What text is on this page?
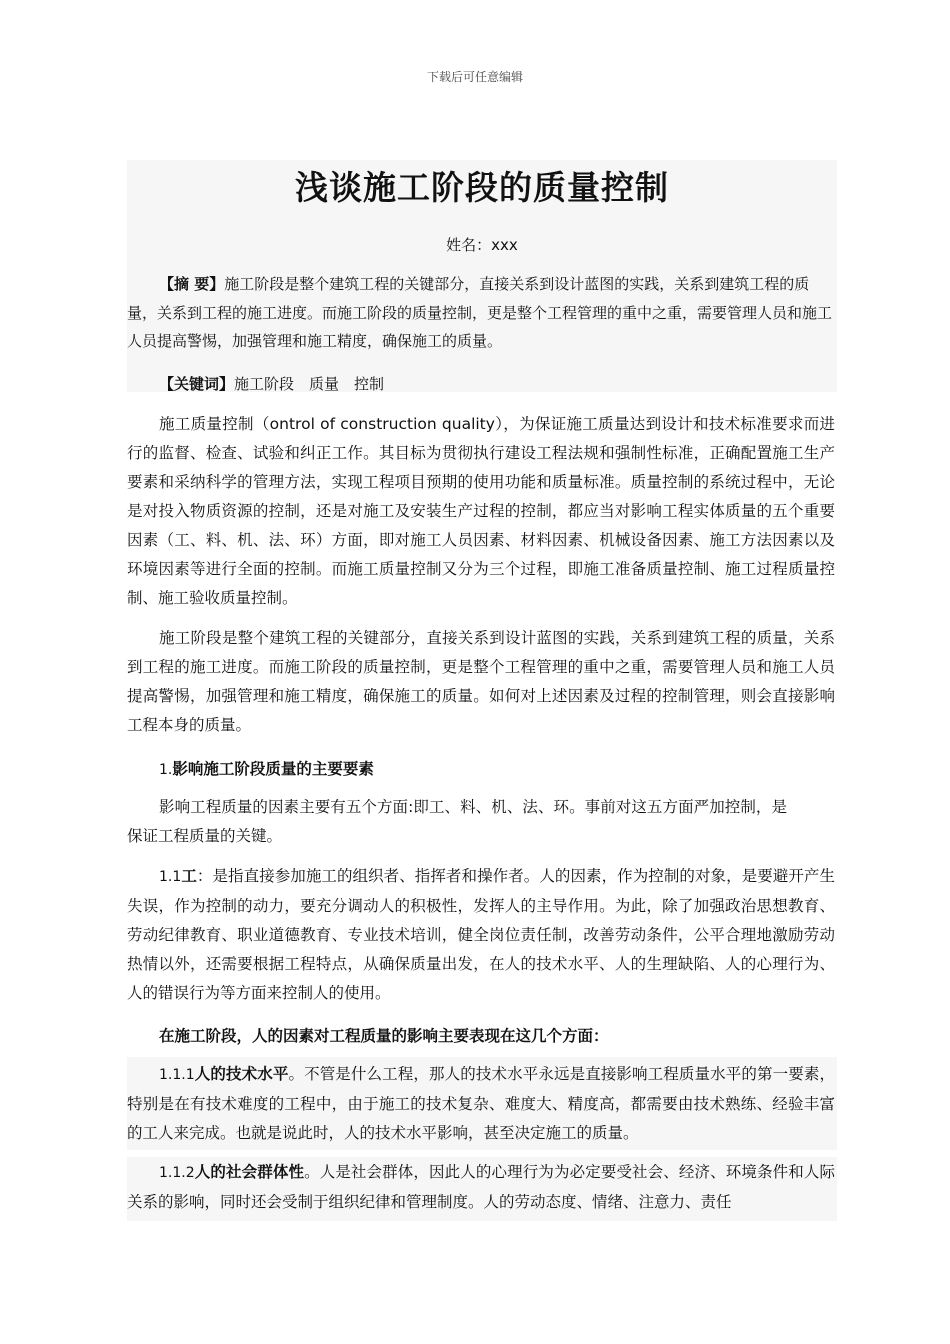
下载后可任意编辑
浅谈施工阶段的质量控制
姓名：xxx
【摘 要】施工阶段是整个建筑工程的关键部分，直接关系到设计蓝图的实践，关系到建筑工程的质量，关系到工程的施工进度。而施工阶段的质量控制，更是整个工程管理的重中之重，需要管理人员和施工人员提高警惕，加强管理和施工精度，确保施工的质量。
【关键词】施工阶段　质量　控制
施工质量控制（ontrol of construction quality），为保证施工质量达到设计和技术标准要求而进行的监督、检查、试验和纠正工作。其目标为贯彻执行建设工程法规和强制性标准，正确配置施工生产要素和采纳科学的管理方法，实现工程项目预期的使用功能和质量标准。质量控制的系统过程中，无论是对投入物质资源的控制，还是对施工及安装生产过程的控制，都应当对影响工程实体质量的五个重要因素（工、料、机、法、环）方面，即对施工人员因素、材料因素、机械设备因素、施工方法因素以及环境因素等进行全面的控制。而施工质量控制又分为三个过程，即施工准备质量控制、施工过程质量控制、施工验收质量控制。
施工阶段是整个建筑工程的关键部分，直接关系到设计蓝图的实践，关系到建筑工程的质量，关系到工程的施工进度。而施工阶段的质量控制，更是整个工程管理的重中之重，需要管理人员和施工人员提高警惕，加强管理和施工精度，确保施工的质量。如何对上述因素及过程的控制管理，则会直接影响工程本身的质量。
1.影响施工阶段质量的主要要素
影响工程质量的因素主要有五个方面:即工、料、机、法、环。事前对这五方面严加控制，是保证工程质量的关键。
1.1工：是指直接参加施工的组织者、指挥者和操作者。人的因素，作为控制的对象，是要避开产生失误，作为控制的动力，要充分调动人的积极性，发挥人的主导作用。为此，除了加强政治思想教育、劳动纪律教育、职业道德教育、专业技术培训，健全岗位责任制，改善劳动条件，公平合理地激励劳动热情以外，还需要根据工程特点，从确保质量出发，在人的技术水平、人的生理缺陷、人的心理行为、人的错误行为等方面来控制人的使用。
在施工阶段，人的因素对工程质量的影响主要表现在这几个方面：
1.1.1人的技术水平。不管是什么工程，那人的技术水平永远是直接影响工程质量水平的第一要素，特别是在有技术难度的工程中，由于施工的技术复杂、难度大、精度高，都需要由技术熟练、经验丰富的工人来完成。也就是说此时，人的技术水平影响，甚至决定施工的质量。
1.1.2人的社会群体性。人是社会群体，因此人的心理行为为必定要受社会、经济、环境条件和人际关系的影响，同时还会受制于组织纪律和管理制度。人的劳动态度、情绪、注意力、责任
